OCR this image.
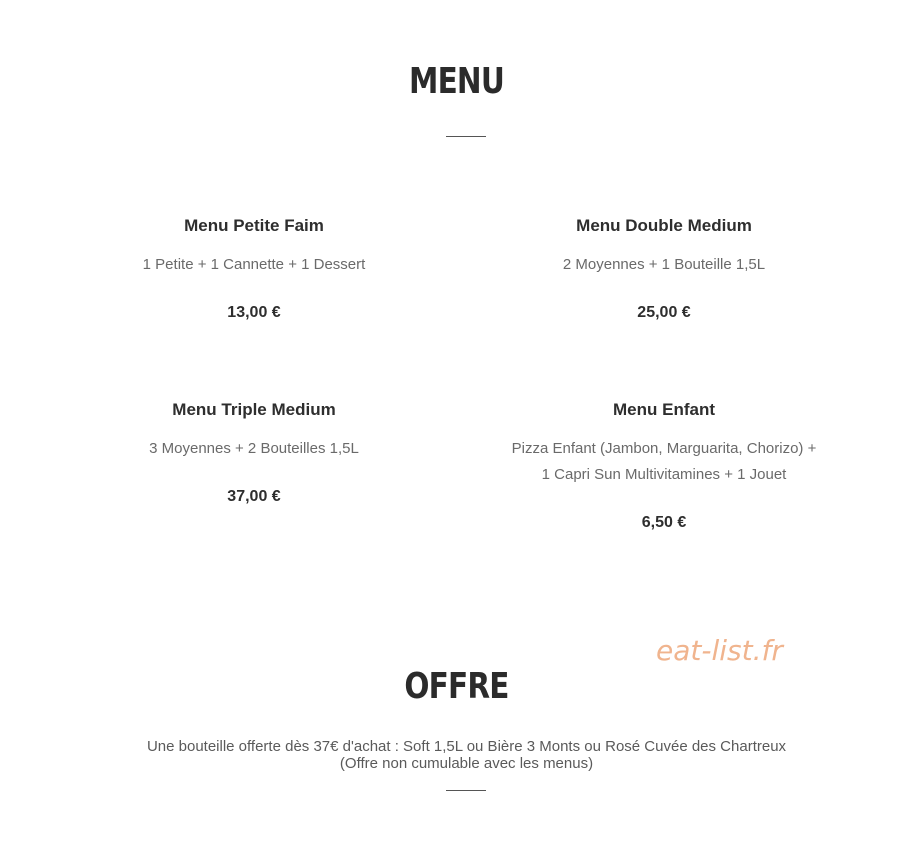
MENU
Menu Petite Faim
1 Petite + 1 Cannette + 1 Dessert
13,00 €
Menu Double Medium
2 Moyennes + 1 Bouteille 1,5L
25,00 €
Menu Triple Medium
3 Moyennes + 2 Bouteilles 1,5L
37,00 €
Menu Enfant
Pizza Enfant (Jambon, Marguarita, Chorizo) + 1 Capri Sun Multivitamines + 1 Jouet
6,50 €
eat-list.fr
OFFRE
Une bouteille offerte dès 37€ d'achat : Soft 1,5L ou Bière 3 Monts ou Rosé Cuvée des Chartreux
(Offre non cumulable avec les menus)
